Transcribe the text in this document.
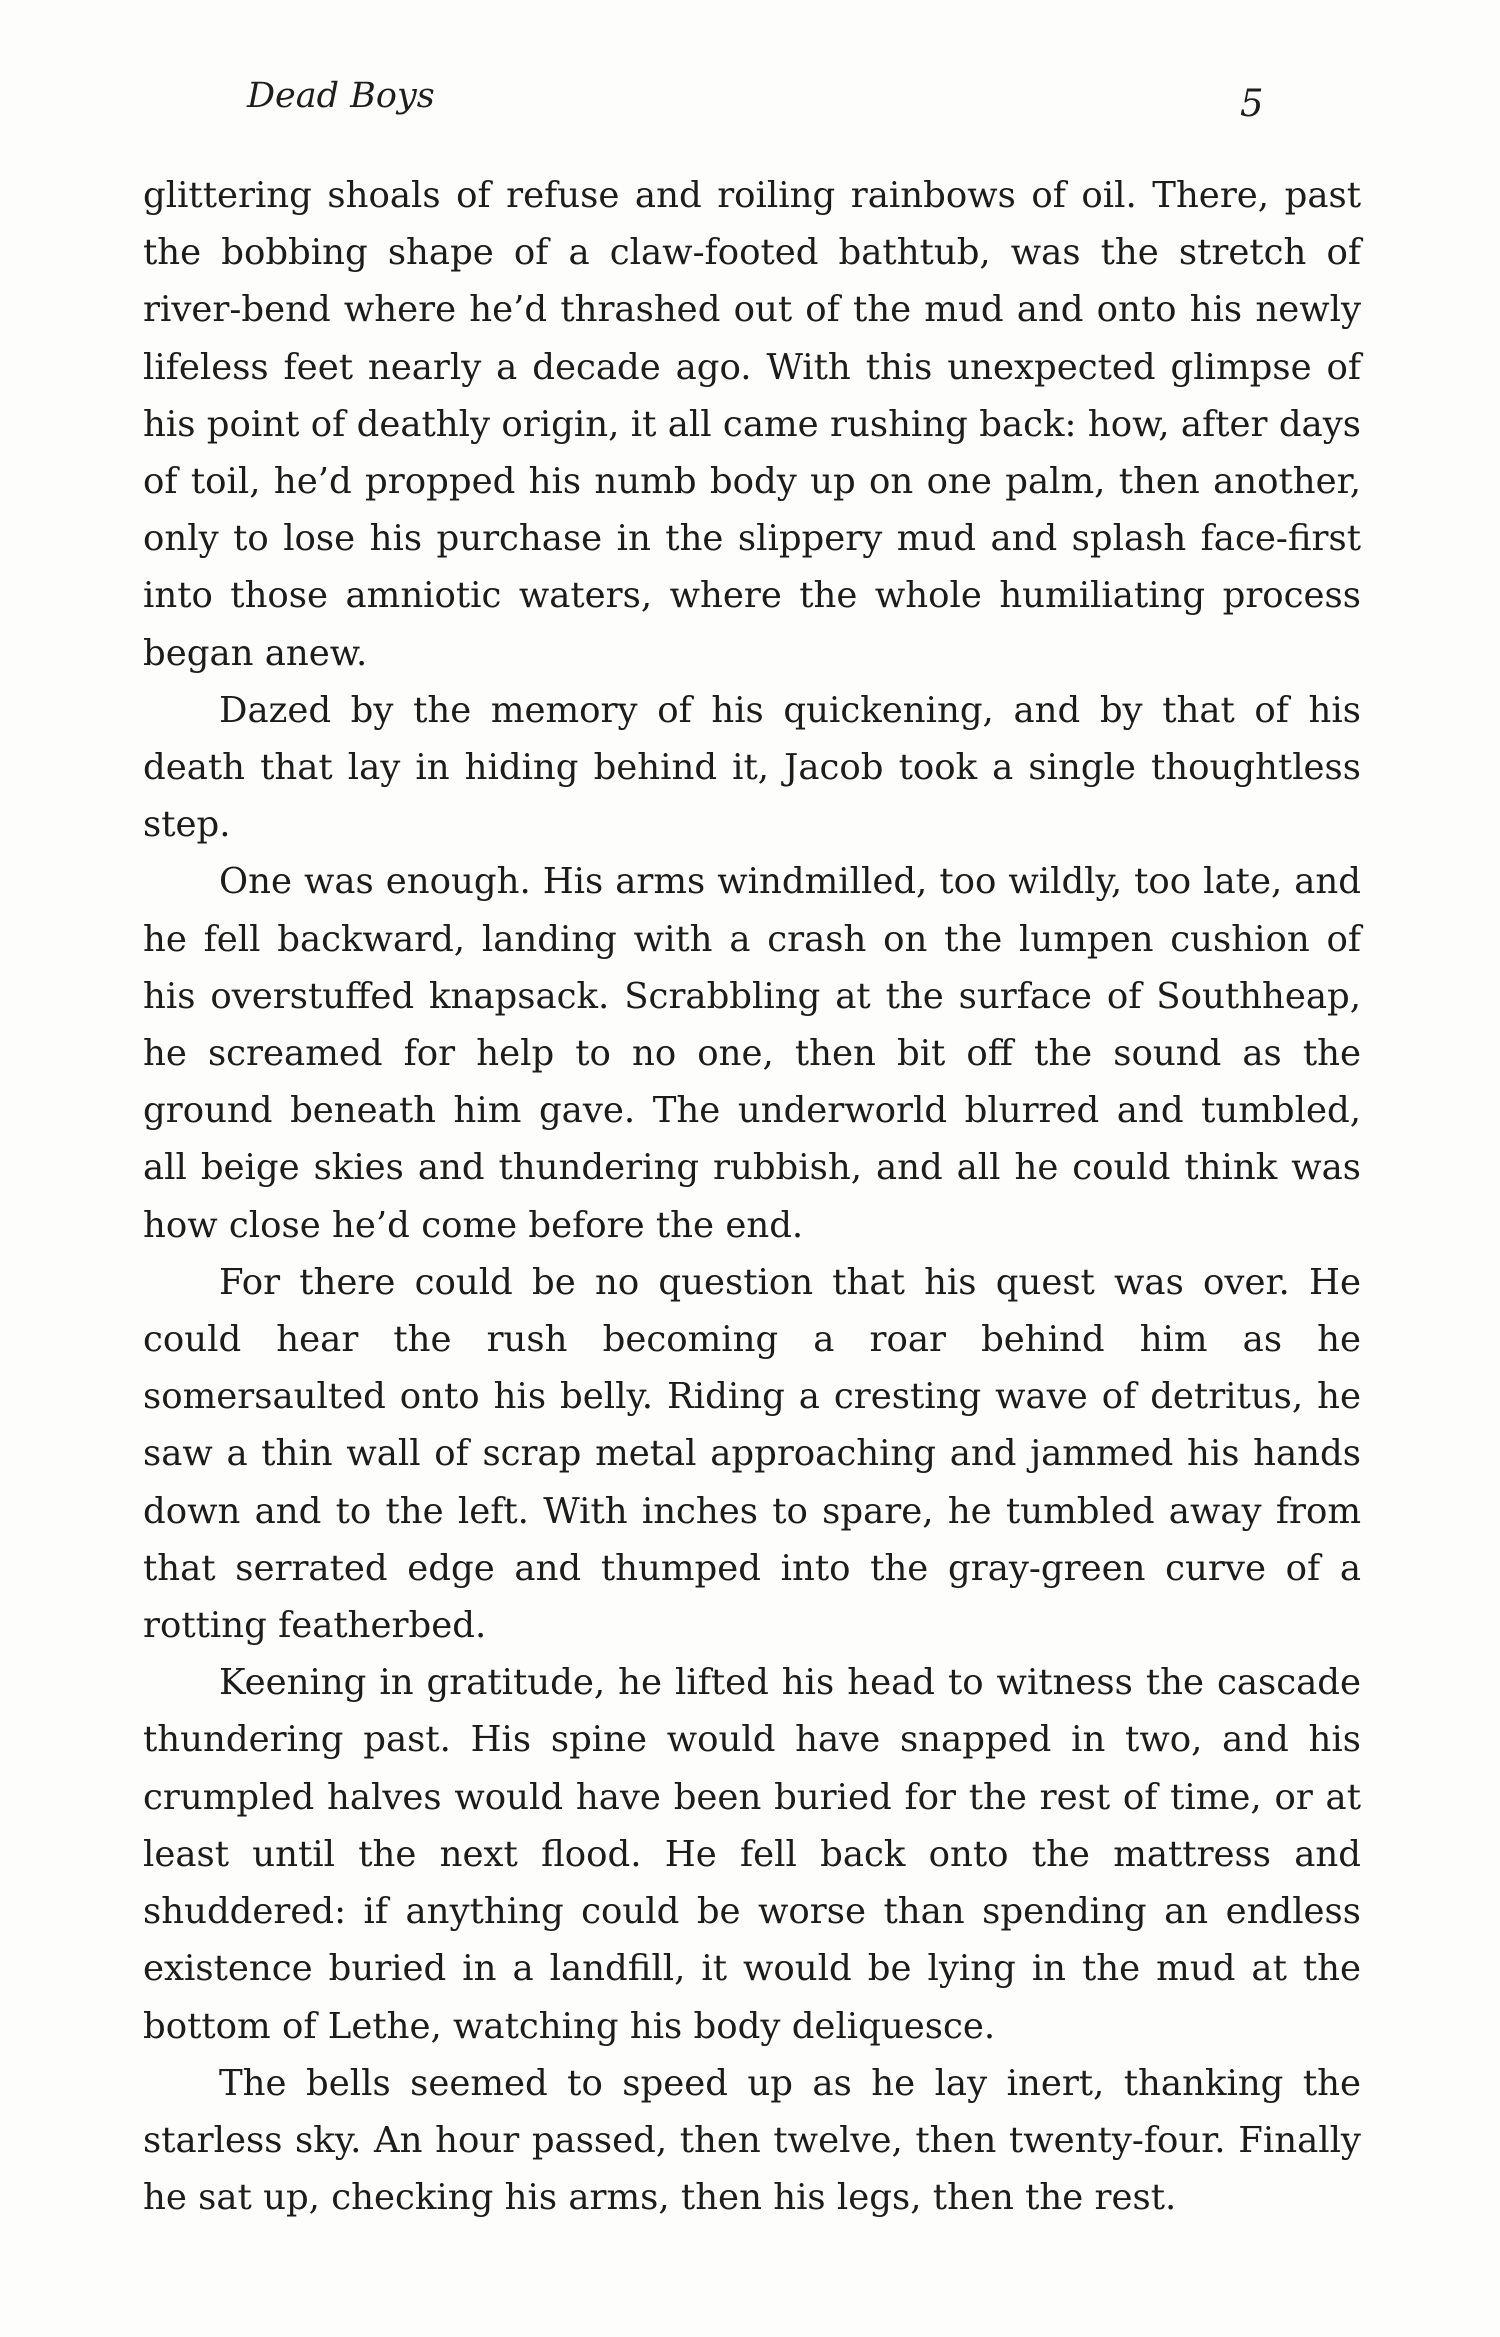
Dead Boys	5

glittering shoals of refuse and roiling rainbows of oil. There, past the bobbing shape of a claw-footed bathtub, was the stretch of river-bend where he’d thrashed out of the mud and onto his newly lifeless feet nearly a decade ago. With this unexpected glimpse of his point of deathly origin, it all came rushing back: how, after days of toil, he’d propped his numb body up on one palm, then another, only to lose his purchase in the slippery mud and splash face-first into those amniotic waters, where the whole humiliating process began anew.

Dazed by the memory of his quickening, and by that of his death that lay in hiding behind it, Jacob took a single thoughtless step.

One was enough. His arms windmilled, too wildly, too late, and he fell backward, landing with a crash on the lumpen cushion of his overstuffed knapsack. Scrabbling at the surface of Southheap, he screamed for help to no one, then bit off the sound as the ground beneath him gave. The underworld blurred and tumbled, all beige skies and thundering rubbish, and all he could think was how close he’d come before the end.

For there could be no question that his quest was over. He could hear the rush becoming a roar behind him as he somersaulted onto his belly. Riding a cresting wave of detritus, he saw a thin wall of scrap metal approaching and jammed his hands down and to the left. With inches to spare, he tumbled away from that serrated edge and thumped into the gray-green curve of a rotting featherbed.

Keening in gratitude, he lifted his head to witness the cascade thundering past. His spine would have snapped in two, and his crumpled halves would have been buried for the rest of time, or at least until the next flood. He fell back onto the mattress and shuddered: if anything could be worse than spending an endless existence buried in a landfill, it would be lying in the mud at the bottom of Lethe, watching his body deliquesce.

The bells seemed to speed up as he lay inert, thanking the starless sky. An hour passed, then twelve, then twenty-four. Finally he sat up, checking his arms, then his legs, then the rest.
